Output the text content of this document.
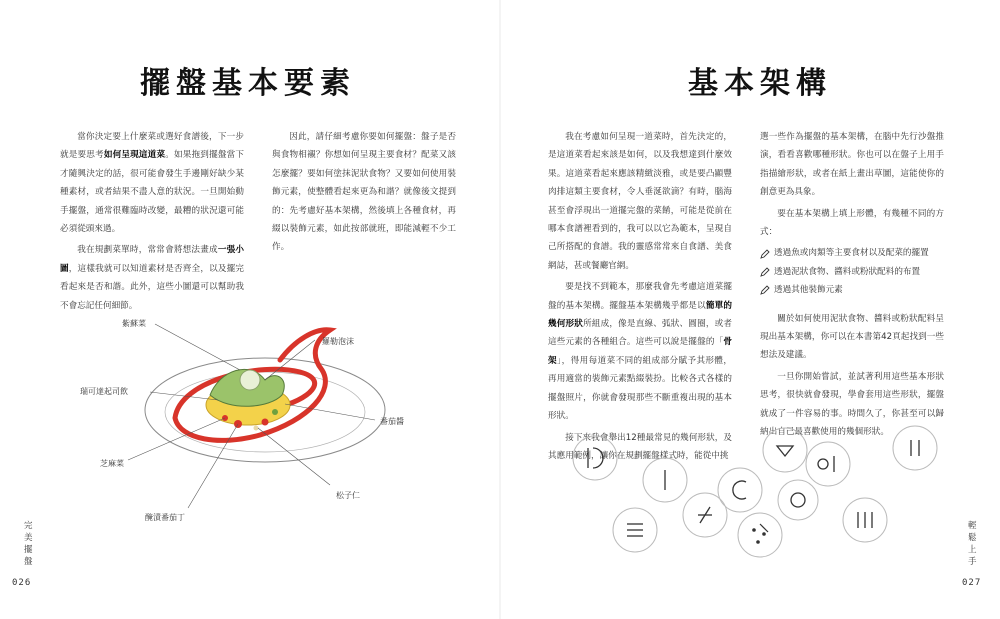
擺盤基本要素

當你決定要上什麼菜或選好食譜後，下一步就是要思考如何呈現這道菜。如果拖到擺盤當下才隨興決定的話，很可能會發生手邊剛好缺少某種素材，或者結果不盡人意的狀況。一旦開始動手擺盤，通常很難臨時改變，最糟的狀況還可能必須從頭來過。

我在規劃菜單時，常常會將想法畫成一張小圖，這樣我就可以知道素材是否齊全，以及擺完看起來是否和諧。此外，這些小圖還可以幫助我不會忘記任何細節。

因此，請仔細考慮你要如何擺盤：盤子是否與食物相襯？你想如何呈現主要食材？配菜又該怎麼擺？要如何塗抹泥狀食物？又要如何使用裝飾元素，使整體看起來更為和諧？就像後文提到的：先考慮好基本架構，然後填上各種食材，再綴以裝飾元素，如此按部就班，即能減輕不少工作。

紫蘇菜
羅勒泡沫
瑞可達起司飲
番茄醬
芝麻菜
松子仁
醃漬番茄丁
完美擺盤
026
基本架構

我在考慮如何呈現一道菜時，首先決定的，是這道菜看起來該是如何，以及我想達到什麼效果。這道菜看起來應該精緻淡雅，或是要凸顯豐肉排這類主要食材，令人垂涎欲滴？有時，腦海甚至會浮現出一道擺完盤的菜餚，可能是從前在哪本食譜裡看到的，我可以以它為範本，呈現自己所搭配的食譜。我的靈感常常來自食譜、美食網誌，甚或餐廳官網。

要是找不到範本，那麼我會先考慮這道菜擺盤的基本架構。擺盤基本架構幾乎都是以簡單的幾何形狀所組成，像是直線、弧狀、圓圈，或者這些元素的各種組合。這些可以說是擺盤的「骨架」，得用每道菜不同的組成部分賦予其形體，再用適當的裝飾元素點綴裝扮。比較各式各樣的擺盤照片，你就會發現那些不斷重複出現的基本形狀。

接下來我會舉出12種最常見的幾何形狀，及其應用範例，讓你在規劃擺盤樣式時，能從中挑

選一些作為擺盤的基本架構，在腦中先行沙盤推演，看看喜歡哪種形狀。你也可以在盤子上用手指描繪形狀，或者在紙上畫出草圖，這能使你的創意更為具象。

要在基本架構上填上形體，有幾種不同的方式：

透過魚或肉類等主要食材以及配菜的擺置
透過泥狀食物、醬料或粉狀配料的布置
透過其他裝飾元素

關於如何使用泥狀食物、醬料或粉狀配料呈現出基本架構，你可以在本書第42頁起找到一些想法及建議。

一旦你開始嘗試，並試著利用這些基本形狀思考，很快就會發現，學會套用這些形狀，擺盤就成了一件容易的事。時間久了，你甚至可以歸納出自己最喜歡使用的幾個形狀。

輕鬆上手
027
